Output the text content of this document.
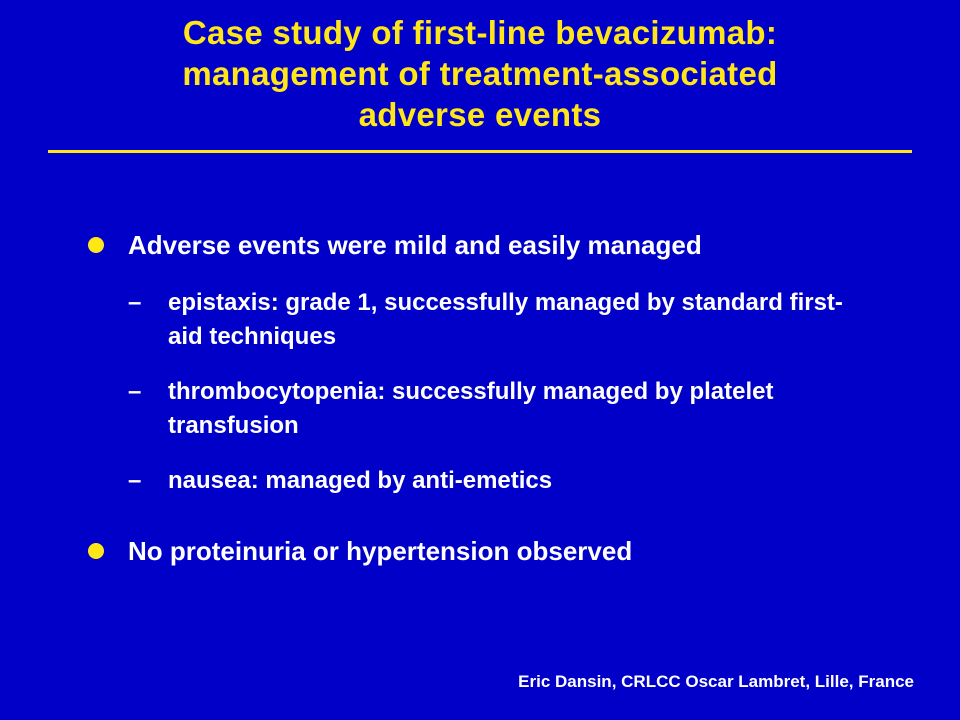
Case study of first-line bevacizumab:
management of treatment-associated
adverse events
Adverse events were mild and easily managed
–	epistaxis: grade 1, successfully managed by standard first-aid techniques
–	thrombocytopenia: successfully managed by platelet transfusion
–	nausea: managed by anti-emetics
No proteinuria or hypertension observed
Eric Dansin, CRLCC Oscar Lambret, Lille, France
